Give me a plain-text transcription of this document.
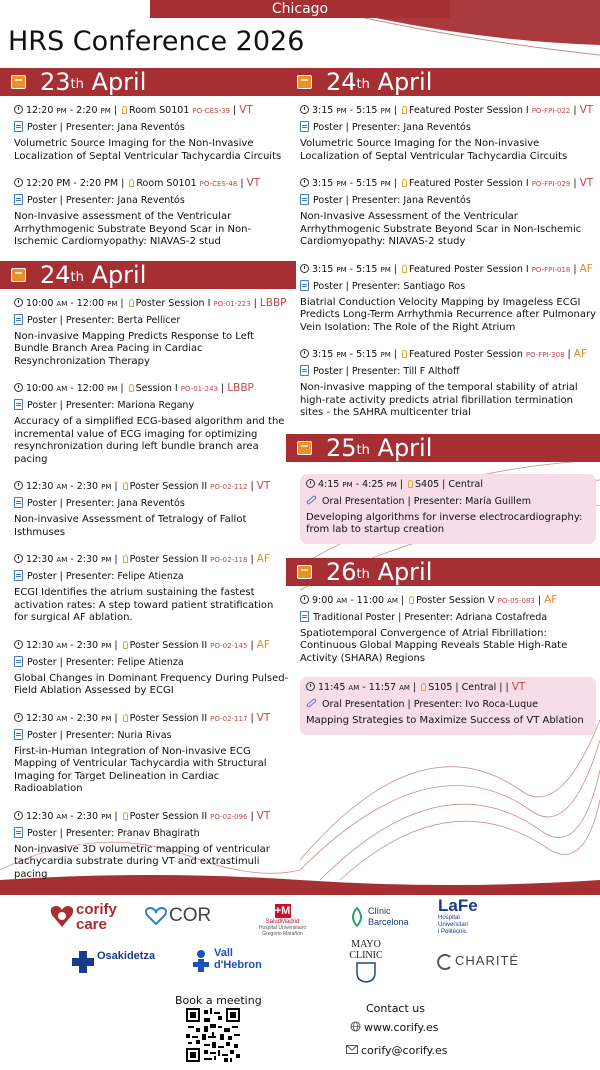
Chicago
HRS Conference 2026
23th April
12:20 PM - 2:20 PM | Room S0101 PO-CES-39 | VT
Poster | Presenter: Jana Reventós
Volumetric Source Imaging for the Non-Invasive Localization of Septal Ventricular Tachycardia Circuits
12:20 PM - 2:20 PM | Room S0101 PO-CES-48 | VT
Poster | Presenter: Jana Reventós
Non-Invasive assessment of the Ventricular Arrhythmogenic Substrate Beyond Scar in Non-Ischemic Cardiomyopathy: NIAVAS-2 stud
24th April
10:00 AM - 12:00 PM | Poster Session I PO-01-223 | LBBP
Poster | Presenter: Berta Pellicer
Non-invasive Mapping Predicts Response to Left Bundle Branch Area Pacing in Cardiac Resynchronization Therapy
10:00 AM - 12:00 PM | Session I PO-01-243 | LBBP
Poster | Presenter: Mariona Regany
Accuracy of a simplified ECG-based algorithm and the incremental value of ECG imaging for optimizing resynchronization during left bundle branch area pacing
12:30 AM - 2:30 PM | Poster Session II PO-02-112 | VT
Poster | Presenter: Jana Reventós
Non-invasive Assessment of Tetralogy of Fallot Isthmuses
12:30 AM - 2:30 PM | Poster Session II PO-02-118 | AF
Poster | Presenter: Felipe Atienza
ECGI Identifies the atrium sustaining the fastest activation rates: A step toward patient stratification for surgical AF ablation.
12:30 AM - 2:30 PM | Poster Session II PO-02-145 | AF
Poster | Presenter: Felipe Atienza
Global Changes in Dominant Frequency During Pulsed-Field Ablation Assessed by ECGI
12:30 AM - 2:30 PM | Poster Session II PO-02-117 | VT
Poster | Presenter: Nuria Rivas
First-in-Human Integration of Non-invasive ECG Mapping of Ventricular Tachycardia with Structural Imaging for Target Delineation in Cardiac Radioablation
12:30 AM - 2:30 PM | Poster Session II PO-02-096 | VT
Poster | Presenter: Pranav Bhagirath
Non-invasive 3D volumetric mapping of ventricular tachycardia substrate during VT and extrastimuli pacing
24th April
3:15 PM - 5:15 PM | Featured Poster Session I PO-FPI-022 | VT
Poster | Presenter: Jana Reventós
Volumetric Source Imaging for the Non-invasive Localization of Septal Ventricular Tachycardia Circuits
3:15 PM - 5:15 PM | Featured Poster Session I PO-FPI-029 | VT
Poster | Presenter: Jana Reventós
Non-Invasive Assessment of the Ventricular Arrhythmogenic Substrate Beyond Scar in Non-Ischemic Cardiomyopathy: NIAVAS-2 study
3:15 PM - 5:15 PM | Featured Poster Session I PO-FPI-018 | AF
Poster | Presenter: Santiago Ros
Biatrial Conduction Velocity Mapping by Imageless ECGI Predicts Long-Term Arrhythmia Recurrence after Pulmonary Vein Isolation: The Role of the Right Atrium
3:15 PM - 5:15 PM | Featured Poster Session PO-FPI-308 | AF
Poster | Presenter: Till F Althoff
Non-invasive mapping of the temporal stability of atrial high-rate activity predicts atrial fibrillation termination sites - the SAHRA multicenter trial
25th April
4:15 PM - 4:25 PM | S405 | Central
Oral Presentation | Presenter: María Guillem
Developing algorithms for inverse electrocardiography: from lab to startup creation
26th April
9:00 AM - 11:00 AM | Poster Session V PO-05-083 | AF
Traditional Poster | Presenter: Adriana Costafreda
Spatiotemporal Convergence of Atrial Fibrillation: Continuous Global Mapping Reveals Stable High-Rate Activity (SHARA) Regions
11:45 AM - 11:57 AM | S105 | Central | | VT
Oral Presentation | Presenter: Ivo Roca-Luque
Mapping Strategies to Maximize Success of VT Ablation
corify
care	COR	+M
SaludMadrid
Hospital Universitario
Gregorio Marañón
Clínic
Barcelona
LaFe
Hospital
Universitari
i Politècnic
Osakidetza	Vall
d'Hebron
MAYO
CLINIC	CHARITÉ
Book a meeting
Contact us
www.corify.es
corify@corify.es
